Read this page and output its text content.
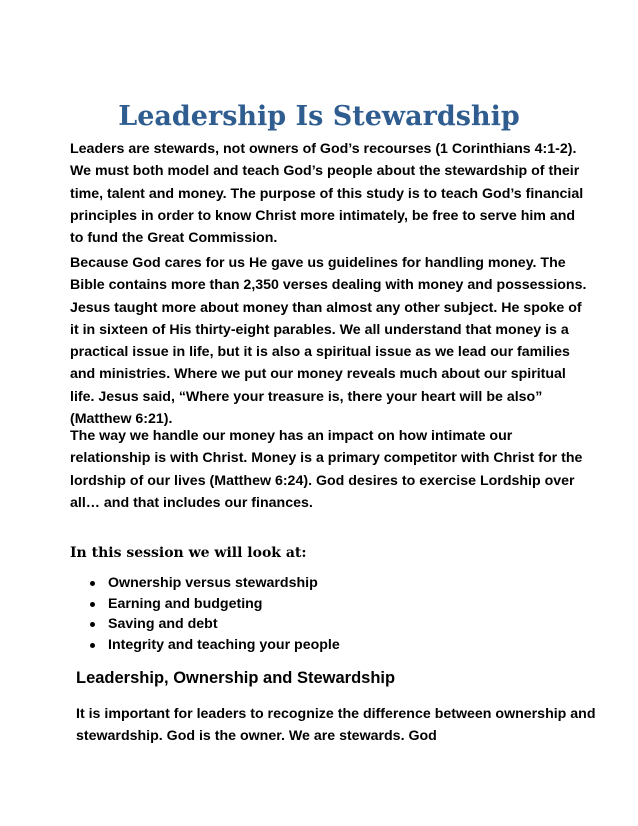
Leadership Is Stewardship

Leaders are stewards, not owners of God’s recourses (1 Corinthians 4:1-2). We must both model and teach God’s people about the stewardship of their time, talent and money. The purpose of this study is to teach God’s financial principles in order to know Christ more intimately, be free to serve him and to fund the Great Commission.

Because God cares for us He gave us guidelines for handling money. The Bible contains more than 2,350 verses dealing with money and possessions. Jesus taught more about money than almost any other subject. He spoke of it in sixteen of His thirty-eight parables. We all understand that money is a practical issue in life, but it is also a spiritual issue as we lead our families and ministries. Where we put our money reveals much about our spiritual life. Jesus said, “Where your treasure is, there your heart will be also” (Matthew 6:21).

The way we handle our money has an impact on how intimate our relationship is with Christ. Money is a primary competitor with Christ for the lordship of our lives (Matthew 6:24). God desires to exercise Lordship over all… and that includes our finances.

In this session we will look at:
Ownership versus stewardship
Earning and budgeting
Saving and debt
Integrity and teaching your people
Leadership, Ownership and Stewardship

It is important for leaders to recognize the difference between ownership and stewardship. God is the owner. We are stewards. God
